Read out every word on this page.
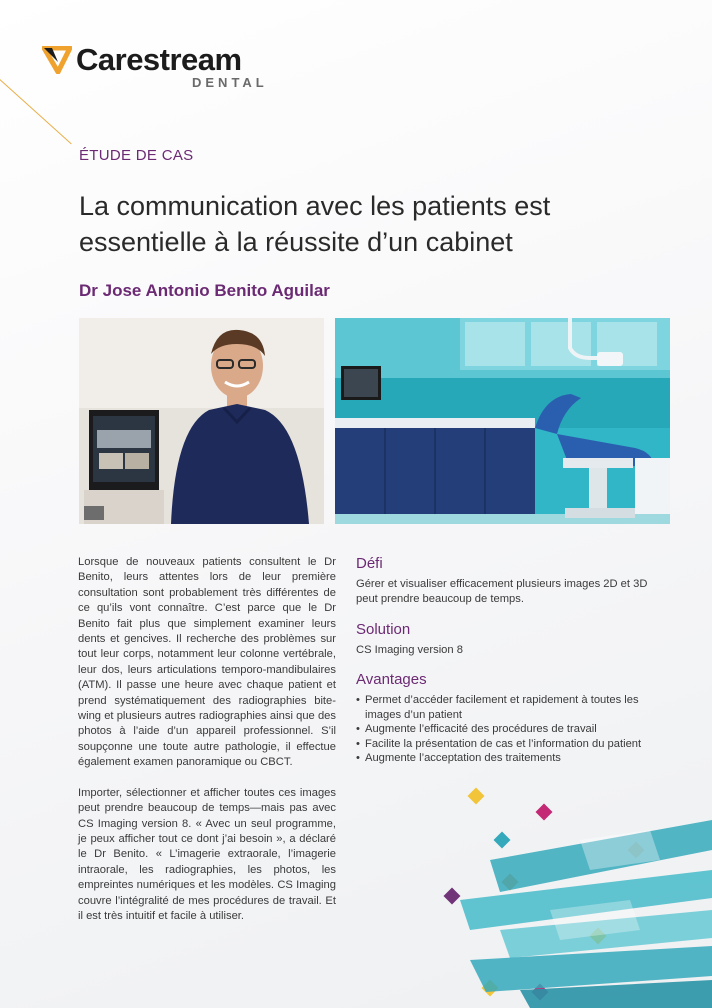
Carestream
DENTAL
ÉTUDE DE CAS
La communication avec les patients est essentielle à la réussite d’un cabinet
Dr Jose Antonio Benito Aguilar

Lorsque de nouveaux patients consultent le Dr Benito, leurs attentes lors de leur première consultation sont probablement très différentes de ce qu’ils vont connaître. C’est parce que le Dr Benito fait plus que simplement examiner leurs dents et gencives. Il recherche des problèmes sur tout leur corps, notamment leur colonne vertébrale, leur dos, leurs articulations temporo-mandibulaires (ATM). Il passe une heure avec chaque patient et prend systématiquement des radiographies bite-wing et plusieurs autres radiographies ainsi que des photos à l’aide d’un appareil professionnel. S’il soupçonne une toute autre pathologie, il effectue également examen panoramique ou CBCT.

Importer, sélectionner et afficher toutes ces images peut prendre beaucoup de temps—mais pas avec CS Imaging version 8. « Avec un seul programme, je peux afficher tout ce dont j’ai besoin », a déclaré le Dr Benito. « L’imagerie extraorale, l’imagerie intraorale, les radiographies, les photos, les empreintes numériques et les modèles. CS Imaging couvre l’intégralité de mes procédures de travail. Et il est très intuitif et facile à utiliser.

Défi

Gérer et visualiser efficacement plusieurs images 2D et 3D peut prendre beaucoup de temps.

Solution

CS Imaging version 8

Avantages
• Permet d’accéder facilement et rapidement à toutes les images d’un patient
• Augmente l’efficacité des procédures de travail
• Facilite la présentation de cas et l’information du patient
• Augmente l’acceptation des traitements
